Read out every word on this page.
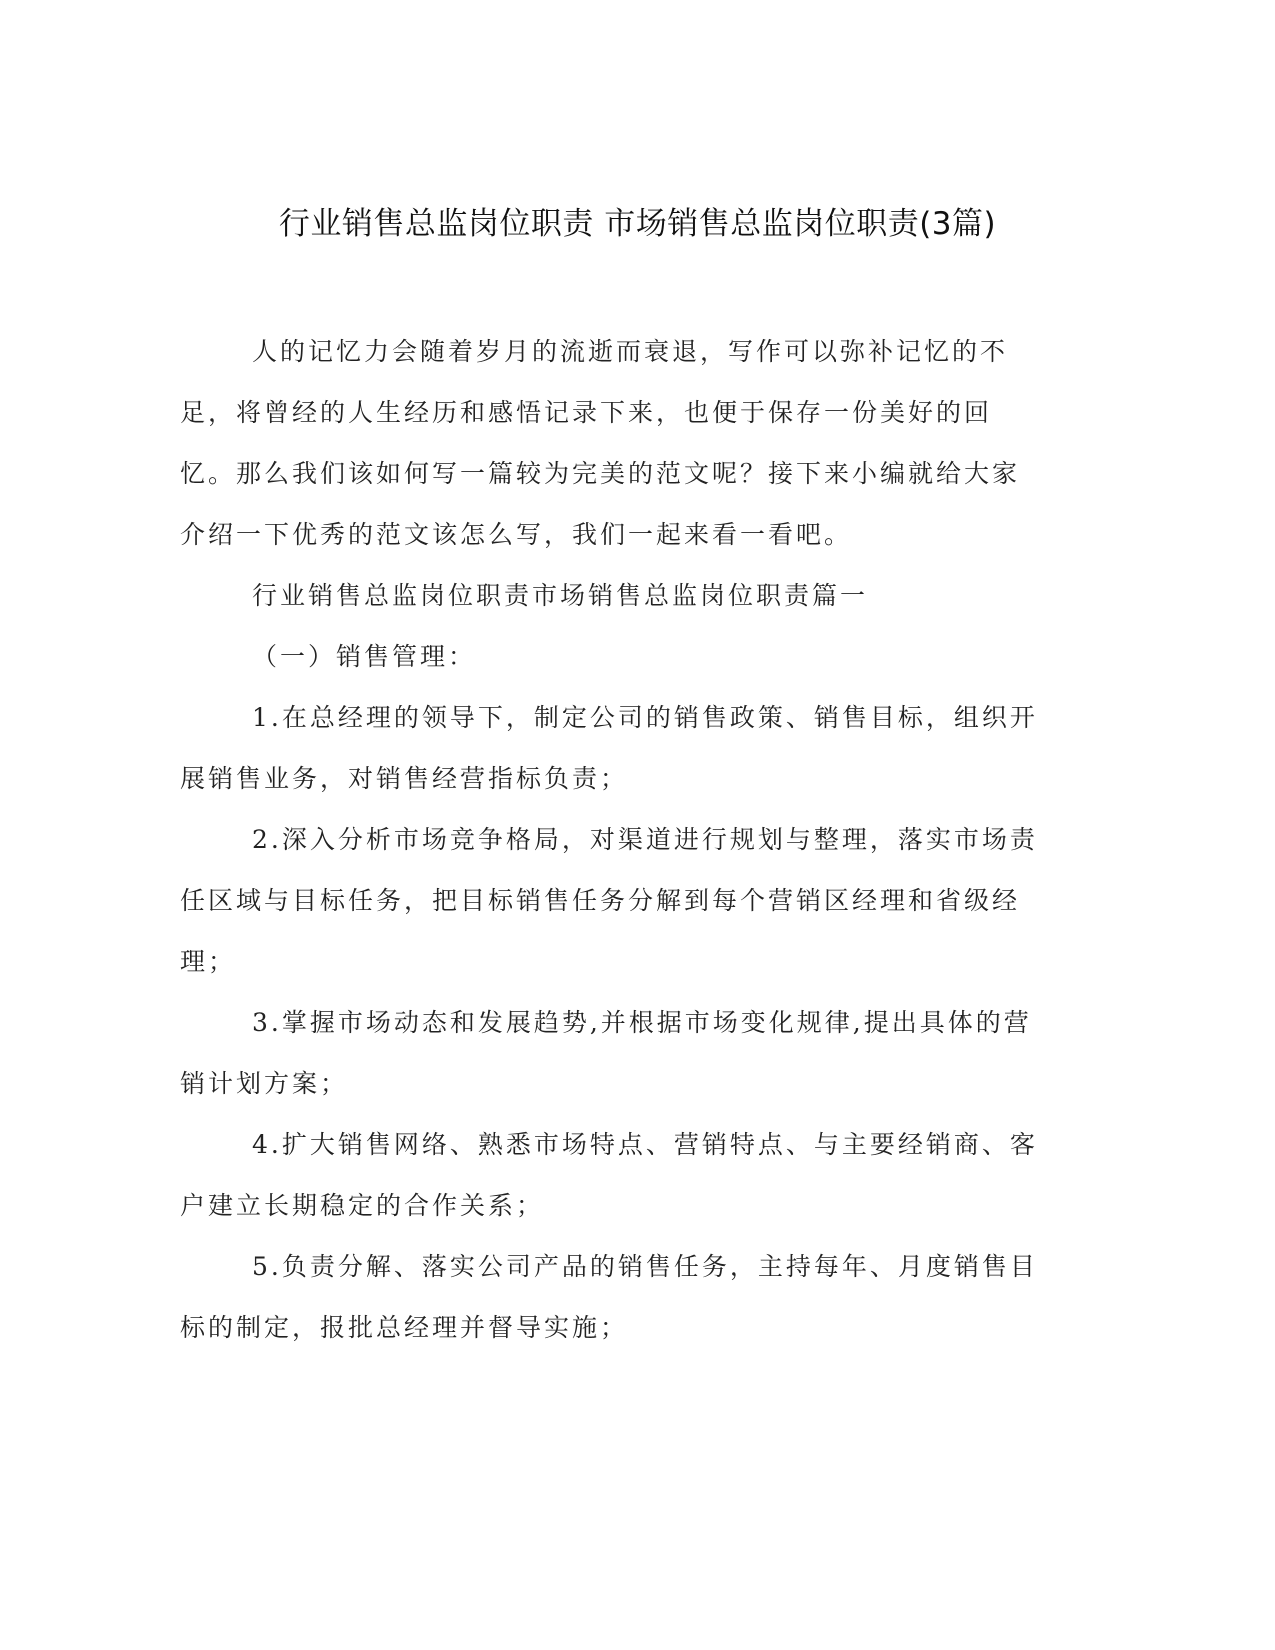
行业销售总监岗位职责 市场销售总监岗位职责(3篇)

人的记忆力会随着岁月的流逝而衰退，写作可以弥补记忆的不足，将曾经的人生经历和感悟记录下来，也便于保存一份美好的回忆。那么我们该如何写一篇较为完美的范文呢？接下来小编就给大家介绍一下优秀的范文该怎么写，我们一起来看一看吧。

行业销售总监岗位职责市场销售总监岗位职责篇一

（一）销售管理：

1.在总经理的领导下，制定公司的销售政策、销售目标，组织开展销售业务，对销售经营指标负责；

2.深入分析市场竞争格局，对渠道进行规划与整理，落实市场责任区域与目标任务，把目标销售任务分解到每个营销区经理和省级经理；

3.掌握市场动态和发展趋势,并根据市场变化规律,提出具体的营销计划方案；

4.扩大销售网络、熟悉市场特点、营销特点、与主要经销商、客户建立长期稳定的合作关系；

5.负责分解、落实公司产品的销售任务，主持每年、月度销售目标的制定，报批总经理并督导实施；
